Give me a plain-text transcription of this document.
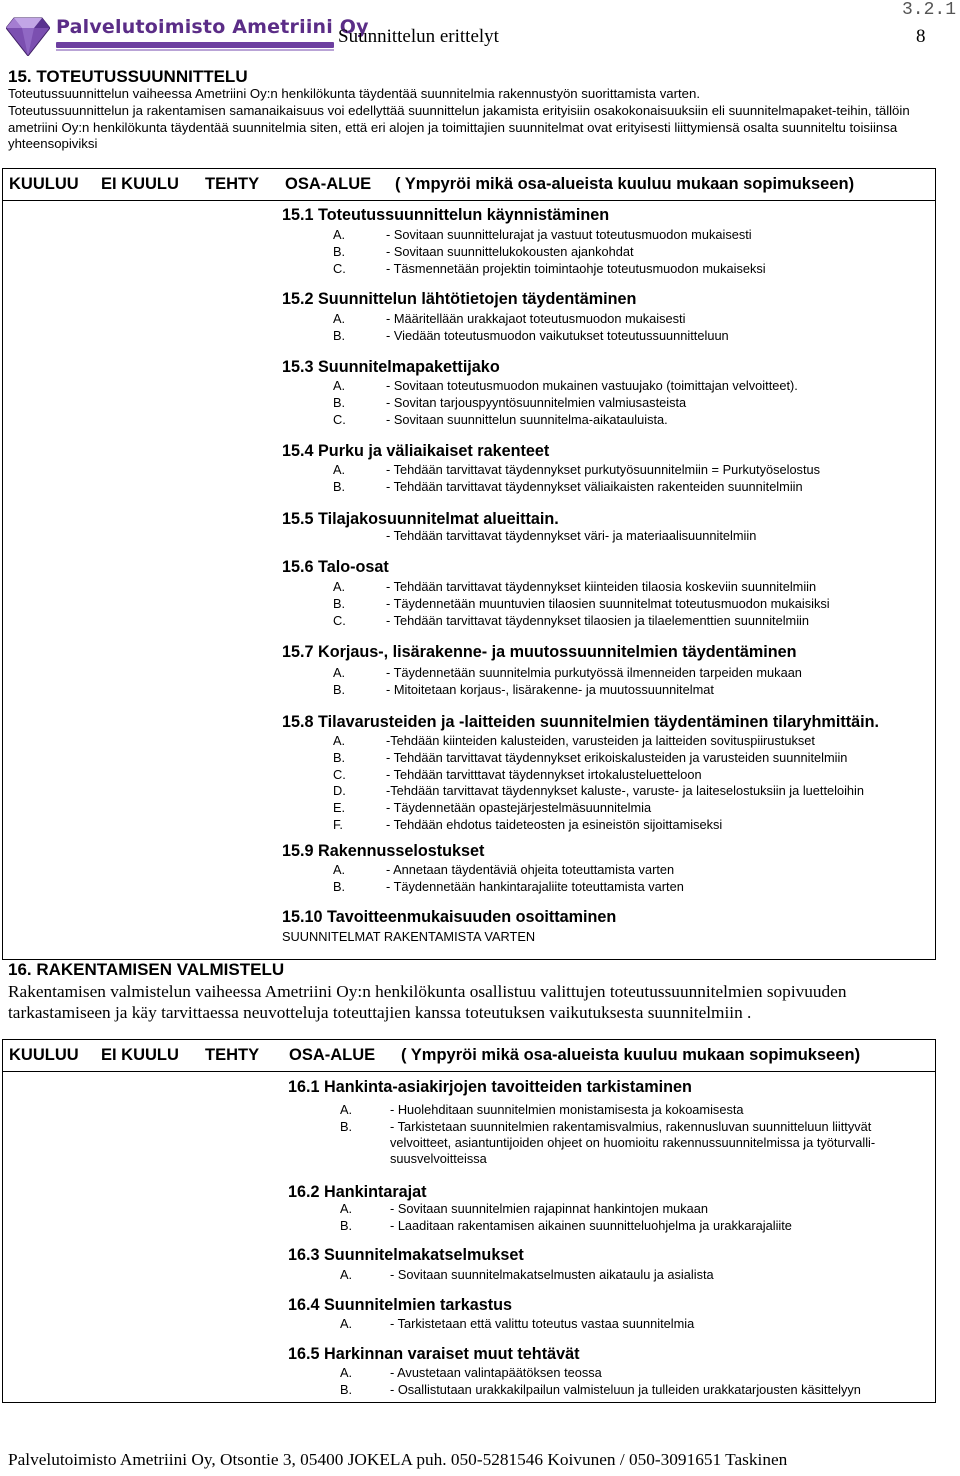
Palvelutoimisto Ametriini Oy
Suunnittelun erittelyt
3.2.1
8
15. TOTEUTUSSUUNNITTELU
Toteutussuunnittelun vaiheessa Ametriini Oy:n henkilökunta täydentää suunnitelmia rakennustyön suorittamista varten.
Toteutussuunnittelun ja rakentamisen samanaikaisuus voi edellyttää suunnittelun jakamista erityisiin osakokonaisuuksiin eli suunnitelmapaket-teihin, tällöin ametriini Oy:n henkilökunta täydentää suunnitelmia siten, että eri alojen ja toimittajien suunnitelmat ovat erityisesti liittymiensä osalta suunniteltu toisiinsa yhteensopiviksi
KUULUU EI KUULU TEHTY OSA-ALUE ( Ympyröi mikä osa-alueista kuuluu mukaan sopimukseen)
15.1 Toteutussuunnittelun käynnistäminen
A.	- Sovitaan suunnittelurajat ja vastuut toteutusmuodon mukaisesti
B.	- Sovitaan suunnittelukokousten ajankohdat
C.	- Täsmennetään projektin toimintaohje toteutusmuodon mukaiseksi
15.2 Suunnittelun lähtötietojen täydentäminen
A.	- Määritellään urakkajaot toteutusmuodon mukaisesti
B.	- Viedään toteutusmuodon vaikutukset toteutussuunnitteluun
15.3 Suunnitelmapakettijako
A.	- Sovitaan toteutusmuodon mukainen vastuujako (toimittajan velvoitteet).
B.	- Sovitan tarjouspyyntösuunnitelmien valmiusasteista
C.	- Sovitaan suunnittelun suunnitelma-aikatauluista.
15.4 Purku ja väliaikaiset rakenteet
A.	- Tehdään tarvittavat täydennykset purkutyösuunnitelmiin = Purkutyöselostus
B.	- Tehdään tarvittavat täydennykset väliaikaisten rakenteiden suunnitelmiin
15.5 Tilajakosuunnitelmat alueittain.
- Tehdään tarvittavat täydennykset väri- ja materiaalisuunnitelmiin
15.6 Talo-osat
A.	- Tehdään tarvittavat täydennykset kiinteiden tilaosia koskeviin suunnitelmiin
B.	- Täydennetään muuntuvien tilaosien suunnitelmat toteutusmuodon mukaisiksi
C.	- Tehdään tarvittavat täydennykset tilaosien ja tilaelementtien suunnitelmiin
15.7 Korjaus-, lisärakenne- ja muutossuunnitelmien täydentäminen
A.	- Täydennetään suunnitelmia purkutyössä ilmenneiden tarpeiden mukaan
B.	- Mitoitetaan korjaus-, lisärakenne- ja muutossuunnitelmat
15.8 Tilavarusteiden ja -laitteiden suunnitelmien täydentäminen tilaryhmittäin.
A.	-Tehdään kiinteiden kalusteiden, varusteiden ja laitteiden sovituspiirustukset
B.	- Tehdään tarvittavat täydennykset erikoiskalusteiden ja varusteiden suunnitelmiin
C.	- Tehdään tarvitttavat täydennykset irtokalusteluetteloon
D.	-Tehdään tarvittavat täydennykset kaluste-, varuste- ja laiteselostuksiin ja luetteloihin
E.	- Täydennetään opastejärjestelmäsuunnitelmia
F.	- Tehdään ehdotus taideteosten ja esineistön sijoittamiseksi
15.9 Rakennusselostukset
A.	- Annetaan täydentäviä ohjeita toteuttamista varten
B.	- Täydennetään hankintarajaliite toteuttamista varten
15.10 Tavoitteenmukaisuuden osoittaminen
SUUNNITELMAT RAKENTAMISTA VARTEN
16. RAKENTAMISEN VALMISTELU
Rakentamisen valmistelun vaiheessa Ametriini Oy:n henkilökunta osallistuu valittujen toteutussuunnitelmien sopivuuden tarkastamiseen ja käy tarvittaessa neuvotteluja toteuttajien kanssa toteutuksen vaikutuksesta suunnitelmiin .
KUULUU EI KUULU TEHTY OSA-ALUE ( Ympyröi mikä osa-alueista kuuluu mukaan sopimukseen)
16.1 Hankinta-asiakirjojen tavoitteiden tarkistaminen
A.	- Huolehditaan suunnitelmien monistamisesta ja kokoamisesta
B.	- Tarkistetaan suunnitelmien rakentamisvalmius, rakennusluvan suunnitteluun liittyvät velvoitteet, asiantuntijoiden ohjeet on huomioitu rakennussuunnitelmissa ja työturvalli-suusvelvoitteissa
16.2 Hankintarajat
A.	- Sovitaan suunnitelmien rajapinnat hankintojen mukaan
B.	- Laaditaan rakentamisen aikainen suunnitteluohjelma ja urakkarajaliite
16.3 Suunnitelmakatselmukset
A.	- Sovitaan suunnitelmakatselmusten aikataulu ja asialista
16.4 Suunnitelmien tarkastus
A.	- Tarkistetaan että valittu toteutus vastaa suunnitelmia
16.5 Harkinnan varaiset muut tehtävät
A.	- Avustetaan valintapäätöksen teossa
B.	- Osallistutaan urakkakilpailun valmisteluun ja tulleiden urakkatarjousten käsittelyyn
Palvelutoimisto Ametriini Oy, Otsontie 3, 05400 JOKELA puh. 050-5281546 Koivunen / 050-3091651 Taskinen
